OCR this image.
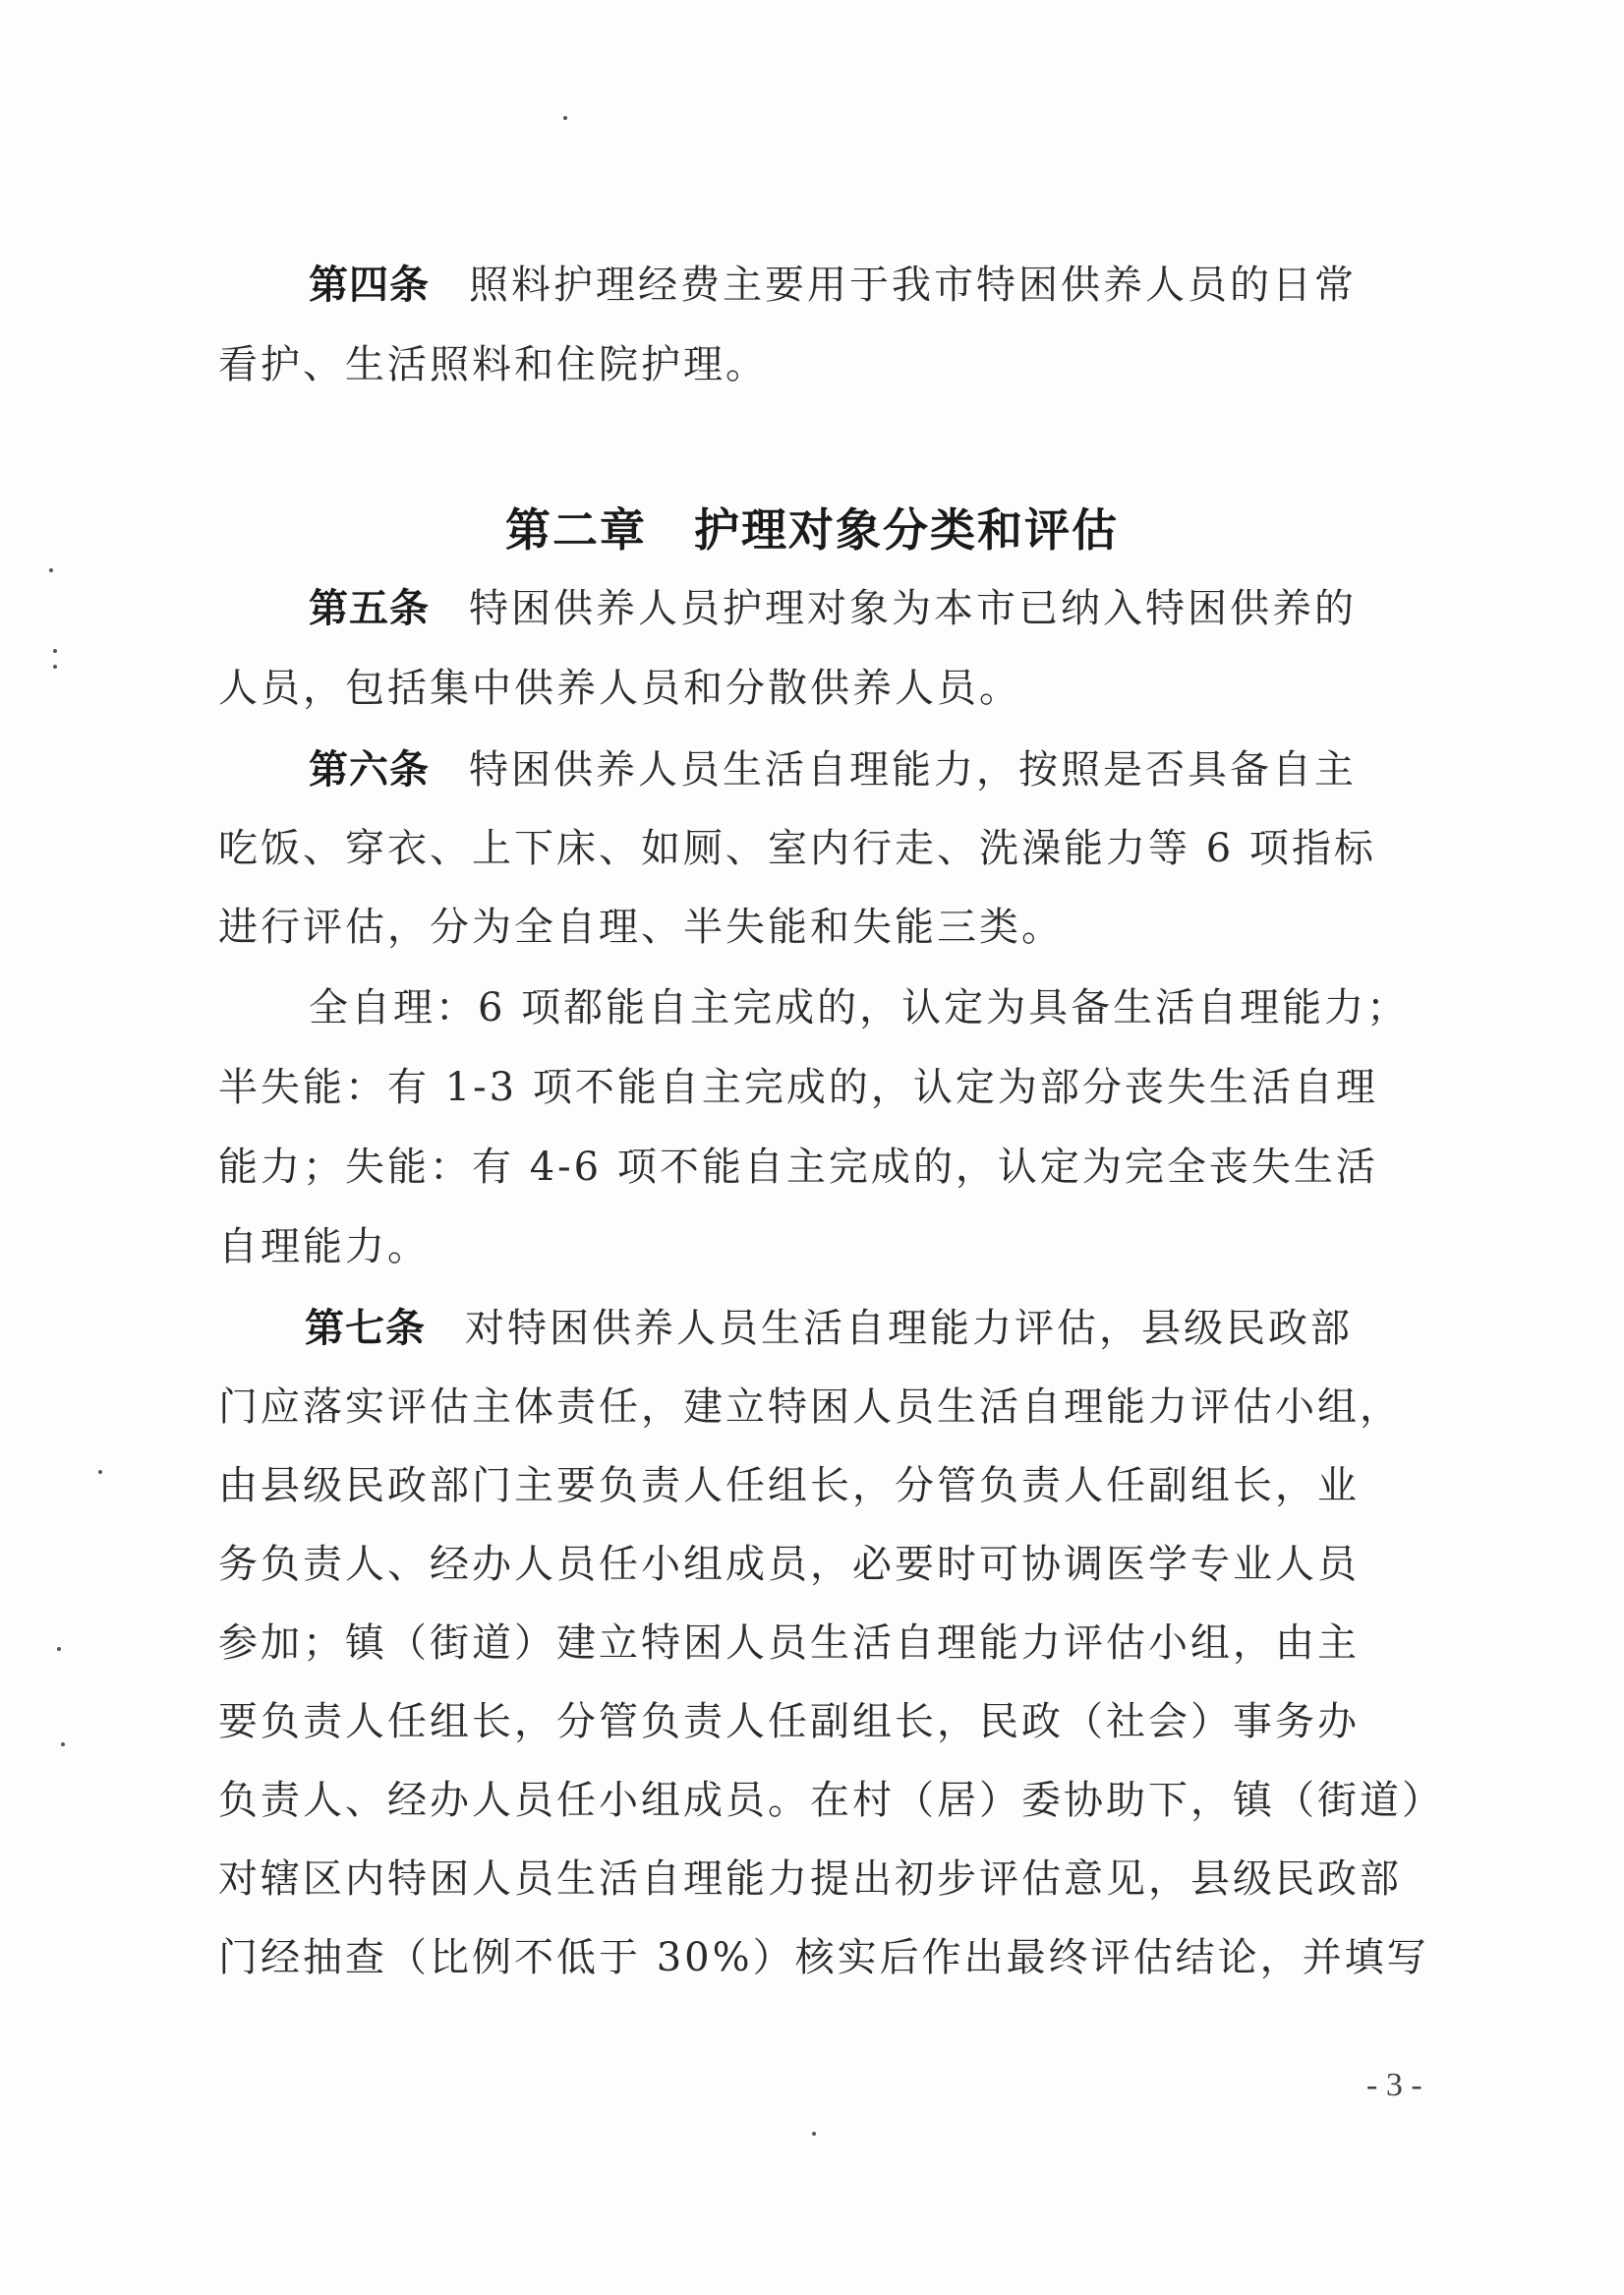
第四条 照料护理经费主要用于我市特困供养人员的日常
看护、生活照料和住院护理。
第二章　护理对象分类和评估
第五条 特困供养人员护理对象为本市已纳入特困供养的
人员，包括集中供养人员和分散供养人员。
第六条 特困供养人员生活自理能力，按照是否具备自主
吃饭、穿衣、上下床、如厕、室内行走、洗澡能力等 6 项指标
进行评估，分为全自理、半失能和失能三类。
全自理：6 项都能自主完成的，认定为具备生活自理能力；
半失能：有 1-3 项不能自主完成的，认定为部分丧失生活自理
能力；失能：有 4-6 项不能自主完成的，认定为完全丧失生活
自理能力。
第七条 对特困供养人员生活自理能力评估，县级民政部
门应落实评估主体责任，建立特困人员生活自理能力评估小组，
由县级民政部门主要负责人任组长，分管负责人任副组长，业
务负责人、经办人员任小组成员，必要时可协调医学专业人员
参加；镇（街道）建立特困人员生活自理能力评估小组，由主
要负责人任组长，分管负责人任副组长，民政（社会）事务办
负责人、经办人员任小组成员。在村（居）委协助下，镇（街道）
对辖区内特困人员生活自理能力提出初步评估意见，县级民政部
门经抽查（比例不低于 30%）核实后作出最终评估结论，并填写
- 3 -
